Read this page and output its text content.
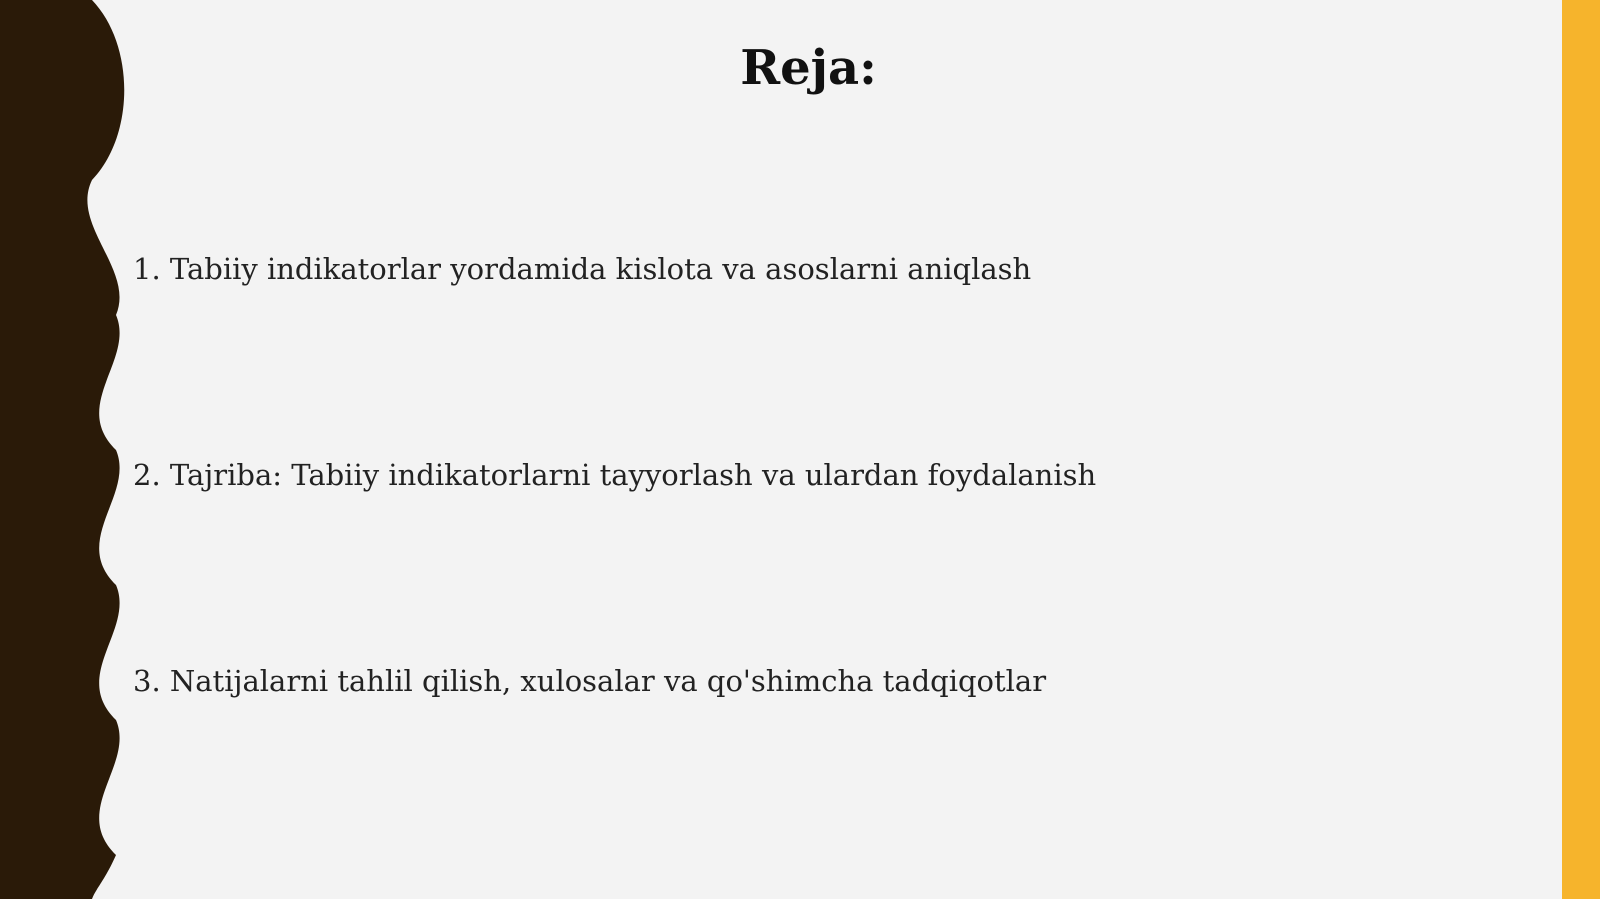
Reja:
1. Tabiiy indikatorlar yordamida kislota va asoslarni aniqlash
2. Tajriba: Tabiiy indikatorlarni tayyorlash va ulardan foydalanish
3. Natijalarni tahlil qilish, xulosalar va qo'shimcha tadqiqotlar
